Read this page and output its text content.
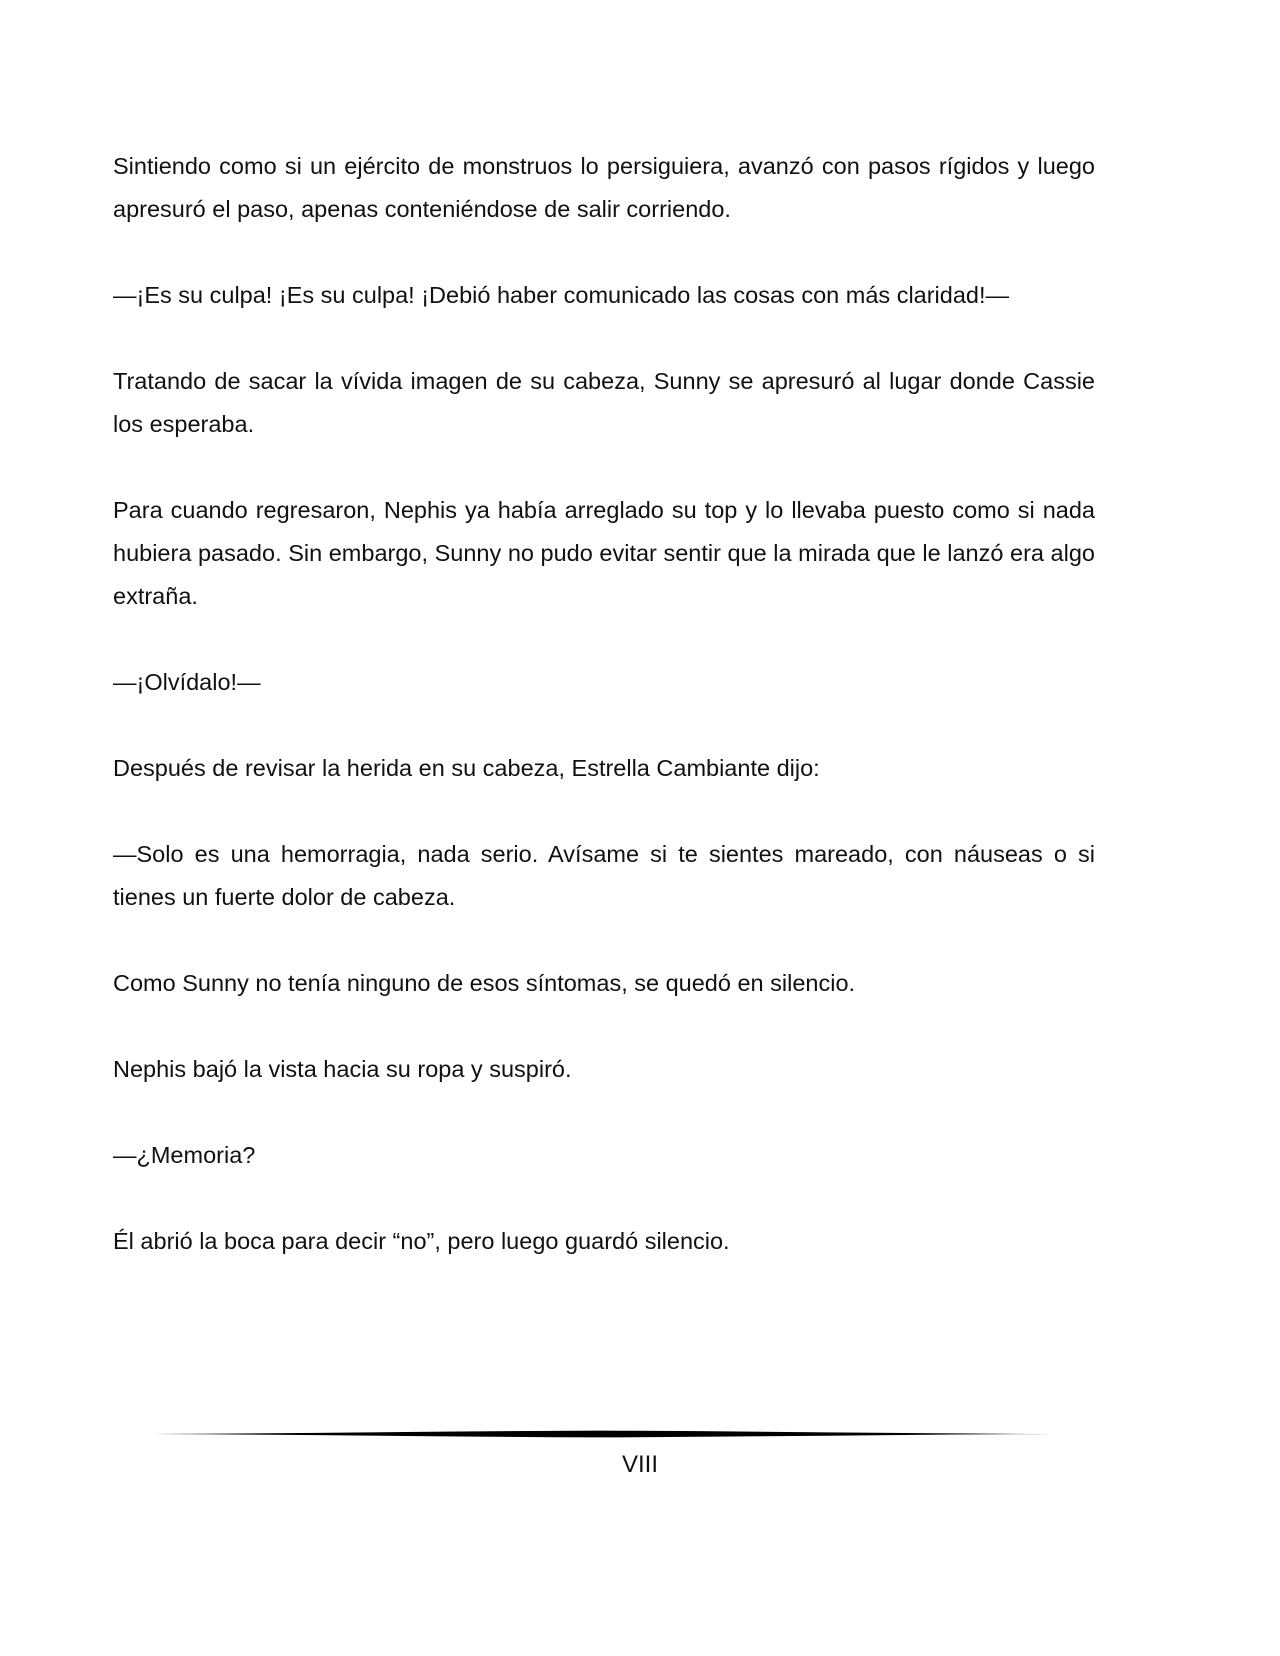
Sintiendo como si un ejército de monstruos lo persiguiera, avanzó con pasos rígidos y luego apresuró el paso, apenas conteniéndose de salir corriendo.

—¡Es su culpa! ¡Es su culpa! ¡Debió haber comunicado las cosas con más claridad!—

Tratando de sacar la vívida imagen de su cabeza, Sunny se apresuró al lugar donde Cassie los esperaba.

Para cuando regresaron, Nephis ya había arreglado su top y lo llevaba puesto como si nada hubiera pasado. Sin embargo, Sunny no pudo evitar sentir que la mirada que le lanzó era algo extraña.

—¡Olvídalo!—

Después de revisar la herida en su cabeza, Estrella Cambiante dijo:

—Solo es una hemorragia, nada serio. Avísame si te sientes mareado, con náuseas o si tienes un fuerte dolor de cabeza.

Como Sunny no tenía ninguno de esos síntomas, se quedó en silencio.

Nephis bajó la vista hacia su ropa y suspiró.

—¿Memoria?

Él abrió la boca para decir “no”, pero luego guardó silencio.

VIII
